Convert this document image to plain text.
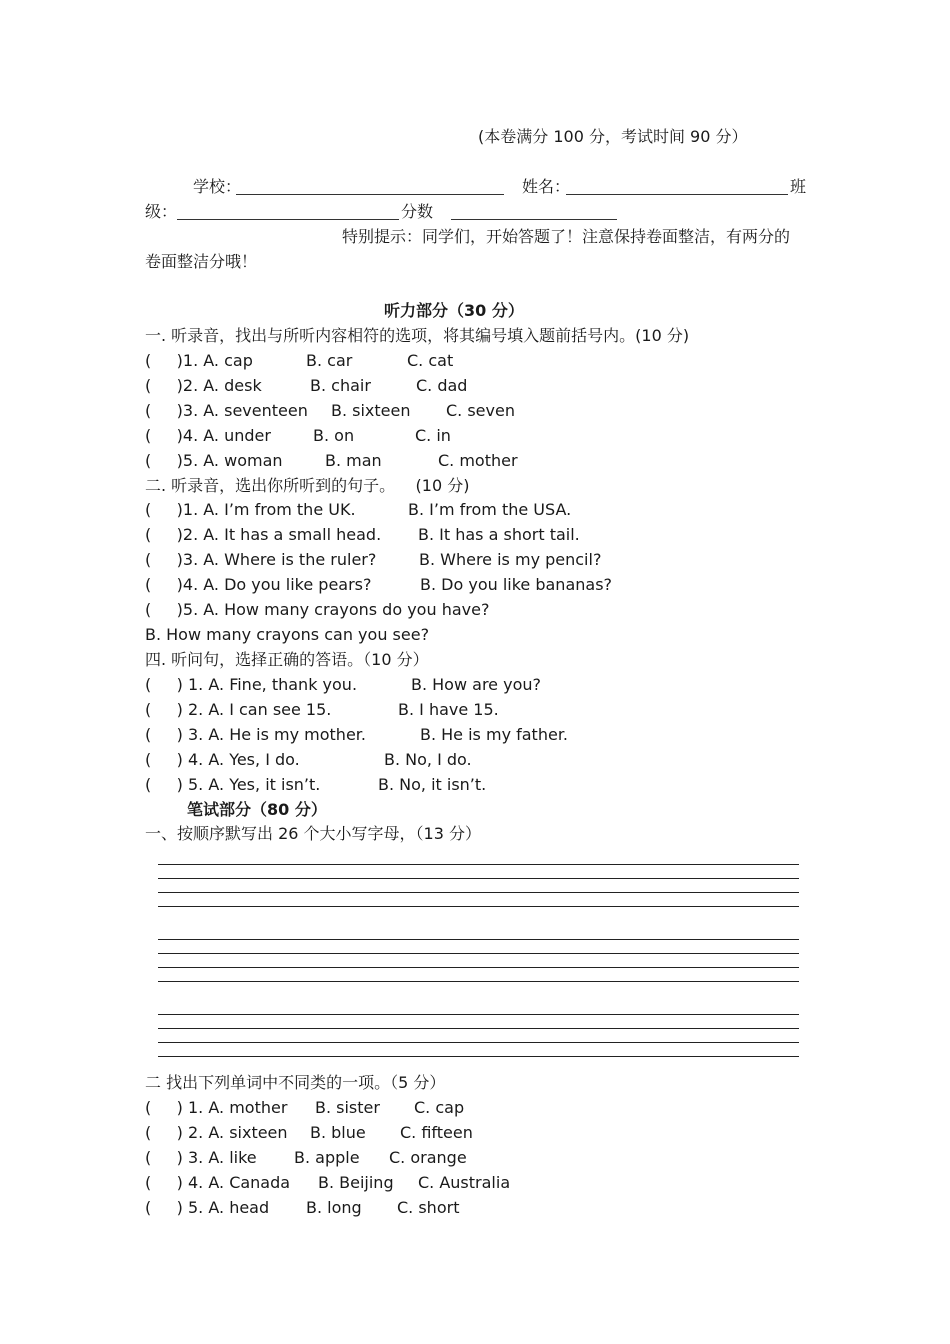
(本卷满分 100 分，考试时间 90 分）
学校：	姓名：	班
级：	分数
特别提示：同学们，开始答题了！注意保持卷面整洁，有两分的
卷面整洁分哦！
听力部分（30 分）
一. 听录音，找出与所听内容相符的选项，将其编号填入题前括号内。(10 分)

(     )1. A. cap

	B. car

	C. cat

(     )2. A. desk

	B. chair

	C. dad

(     )3. A. seventeen

B. sixteen

C. seven

(     )4. A. under

	B. on

	C. in

(     )5. A. woman

	B. man

	C. mother

二. 听录音，选出你所听到的句子。    (10 分)

(     )1. A. I’m from the UK.

	B. I’m from the USA.

(     )2. A. It has a small head.

B. It has a short tail.

(     )3. A. Where is the ruler?

	B. Where is my pencil?

(     )4. A. Do you like pears?

	B. Do you like bananas?

(     )5. A. How many crayons do you have?

B. How many crayons can you see?

四. 听问句，选择正确的答语。（10 分）

(     ) 1. A. Fine, thank you.

	B. How are you?

(     ) 2. A. I can see 15.

	B. I have 15.

(     ) 3. A. He is my mother.

	B. He is my father.

(     ) 4. A. Yes, I do.

	B. No, I do.

(     ) 5. A. Yes, it isn’t.

	B. No, it isn’t.

笔试部分（80 分）
一、按顺序默写出 26 个大小写字母，（13 分）
二 找出下列单词中不同类的一项。（5 分）

(     ) 1. A. mother

B. sister

C. cap

(     ) 2. A. sixteen

B. blue

C. fifteen

(     ) 3. A. like

B. apple

C. orange

(     ) 4. A. Canada

B. Beijing

C. Australia

(     ) 5. A. head

B. long

C. short
